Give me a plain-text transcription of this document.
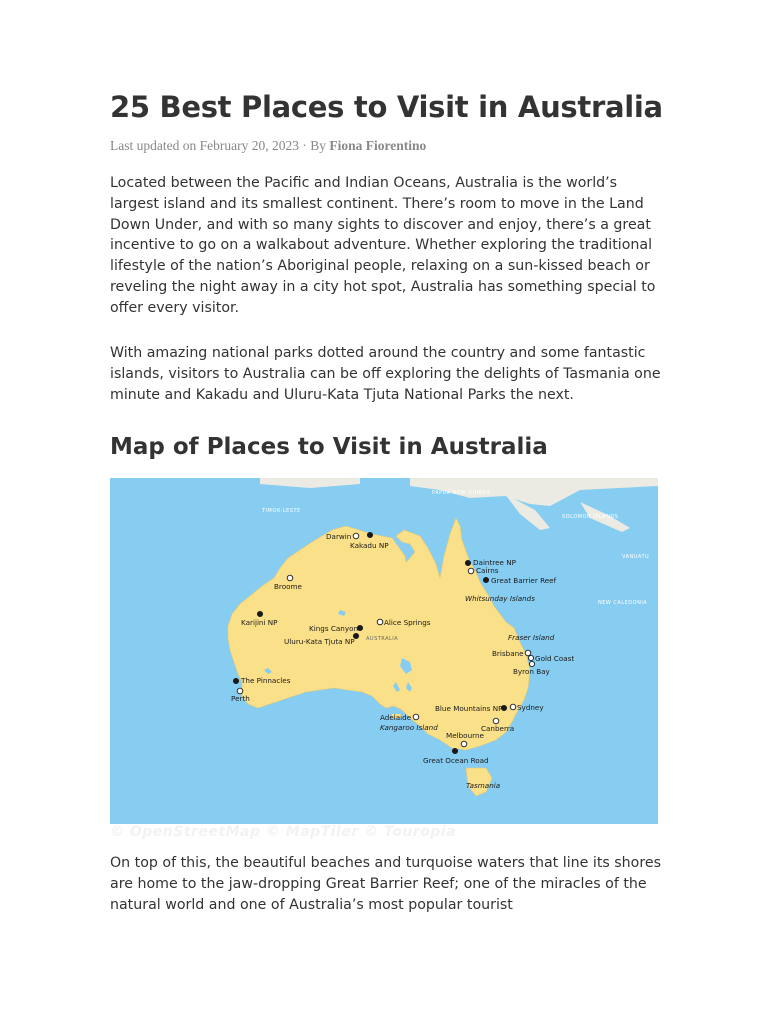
25 Best Places to Visit in Australia
Last updated on February 20, 2023 · By Fiona Fiorentino

Located between the Pacific and Indian Oceans, Australia is the world’s largest island and its smallest continent. There’s room to move in the Land Down Under, and with so many sights to discover and enjoy, there’s a great incentive to go on a walkabout adventure. Whether exploring the traditional lifestyle of the nation’s Aboriginal people, relaxing on a sun-kissed beach or reveling the night away in a city hot spot, Australia has something special to offer every visitor.

With amazing national parks dotted around the country and some fantastic islands, visitors to Australia can be off exploring the delights of Tasmania one minute and Kakadu and Uluru-Kata Tjuta National Parks the next.

Map of Places to Visit in Australia

On top of this, the beautiful beaches and turquoise waters that line its shores are home to the jaw-dropping Great Barrier Reef; one of the miracles of the natural world and one of Australia’s most popular tourist

TIMOR-LESTE
PAPUA NEW GUINEA
SOLOMON ISLANDS
VANUATU
NEW CALEDONIA
AUSTRALIA
Darwin
Kakadu NP
Broome
Karijini NP
Kings Canyon
Alice Springs
Uluru-Kata Tjuta NP
The Pinnacles
Perth
Daintree NP
Cairns
Great Barrier Reef
Whitsunday Islands
Fraser Island
Brisbane
Gold Coast
Byron Bay
Blue Mountains NP Sydney
Canberra
Adelaide
Kangaroo Island
Melbourne
Great Ocean Road
Tasmania
© OpenStreetMap © MapTiler © Touropia
